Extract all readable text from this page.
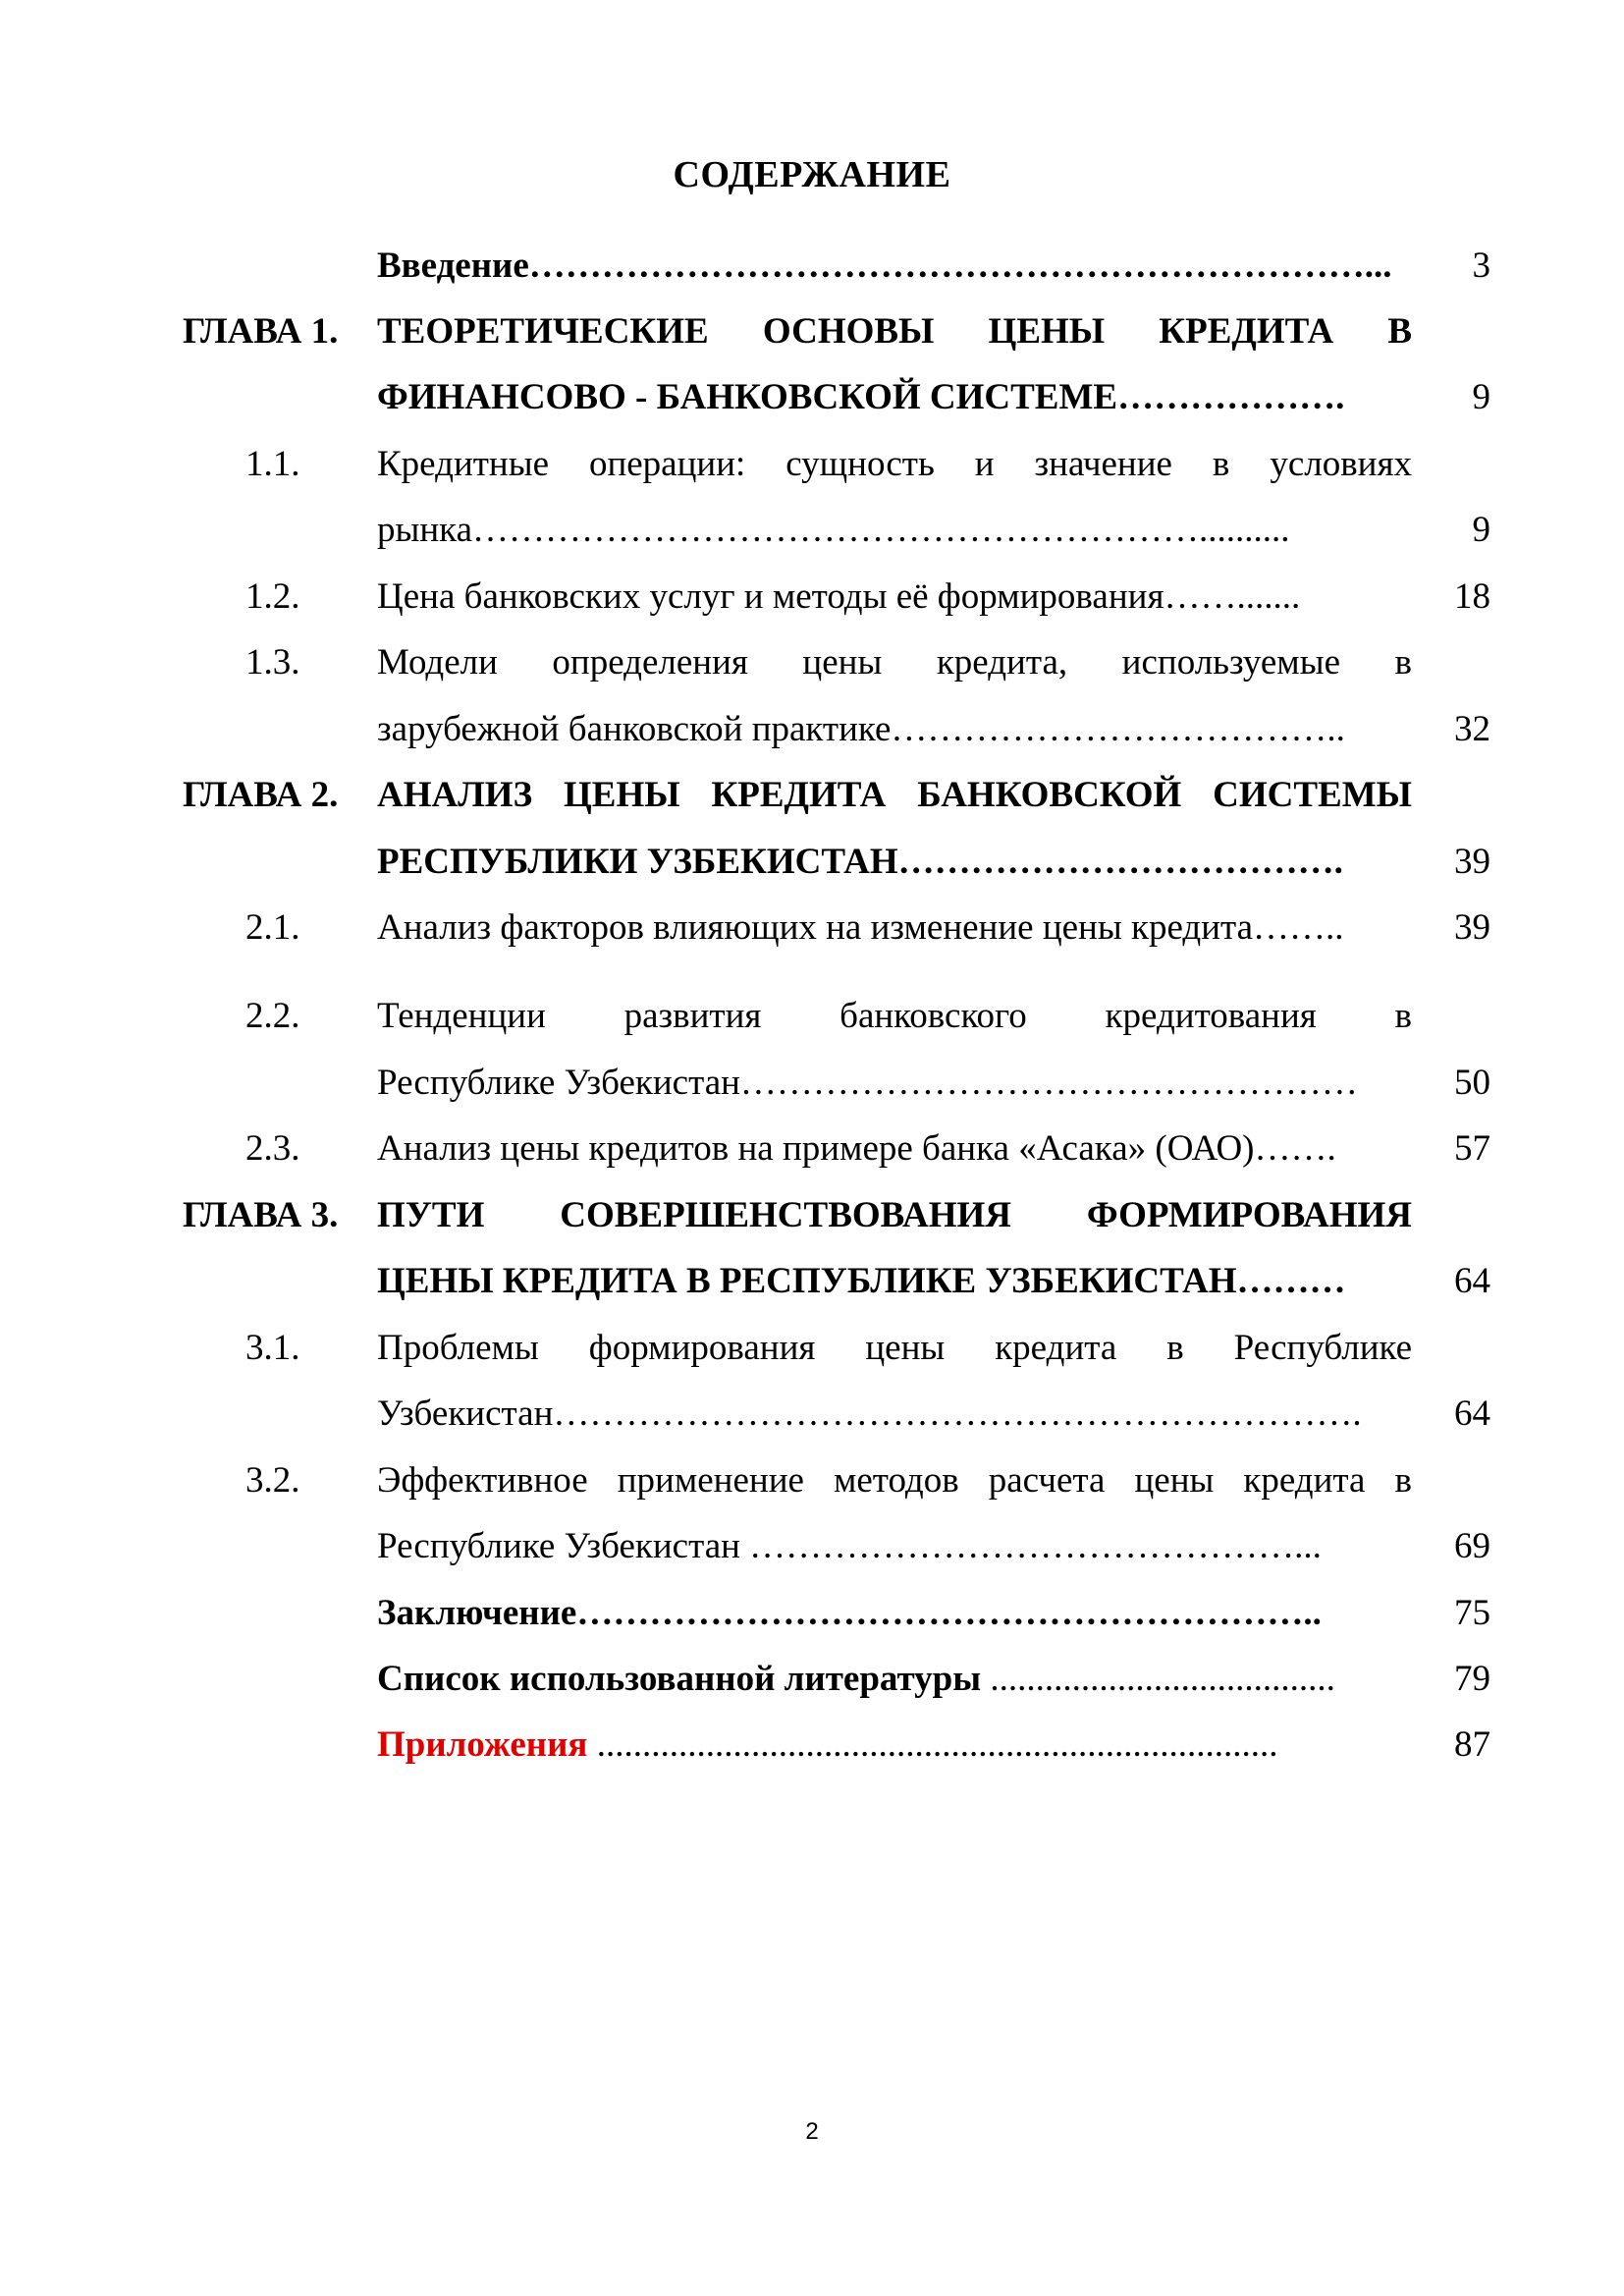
СОДЕРЖАНИЕ
Введение……………………………………………………………...	3
ГЛАВА 1.	ТЕОРЕТИЧЕСКИЕ ОСНОВЫ ЦЕНЫ КРЕДИТА В
ФИНАНСОВО - БАНКОВСКОЙ СИСТЕМЕ……………….	9
1.1.	Кредитные операции: сущность и значение в условиях
рынка……………………………………………………..........	9
1.2.	Цена банковских услуг и методы её формирования…….......	18
1.3.	Модели определения цены кредита, используемые в
зарубежной банковской практике………………………………..	32
ГЛАВА 2.	АНАЛИЗ ЦЕНЫ КРЕДИТА БАНКОВСКОЙ СИСТЕМЫ
РЕСПУБЛИКИ УЗБЕКИСТАН……………………………….	39
2.1.	Анализ факторов влияющих на изменение цены кредита……..	39
2.2.	Тенденции развития банковского кредитования в
Республике Узбекистан……………………………………………	50
2.3.	Анализ цены кредитов на примере банка «Асака» (ОАО)…….	57
ГЛАВА 3.	ПУТИ СОВЕРШЕНСТВОВАНИЯ ФОРМИРОВАНИЯ
ЦЕНЫ КРЕДИТА В РЕСПУБЛИКЕ УЗБЕКИСТАН………	64
3.1.	Проблемы формирования цены кредита в Республике
Узбекистан………………………………………………………….	64
3.2.	Эффективное применение методов расчета цены кредита в
Республике Узбекистан ………………………………………...	69
Заключение……………………………………………………..	75
Список использованной литературы ......................................	79
Приложения ...........................................................................	87
2
